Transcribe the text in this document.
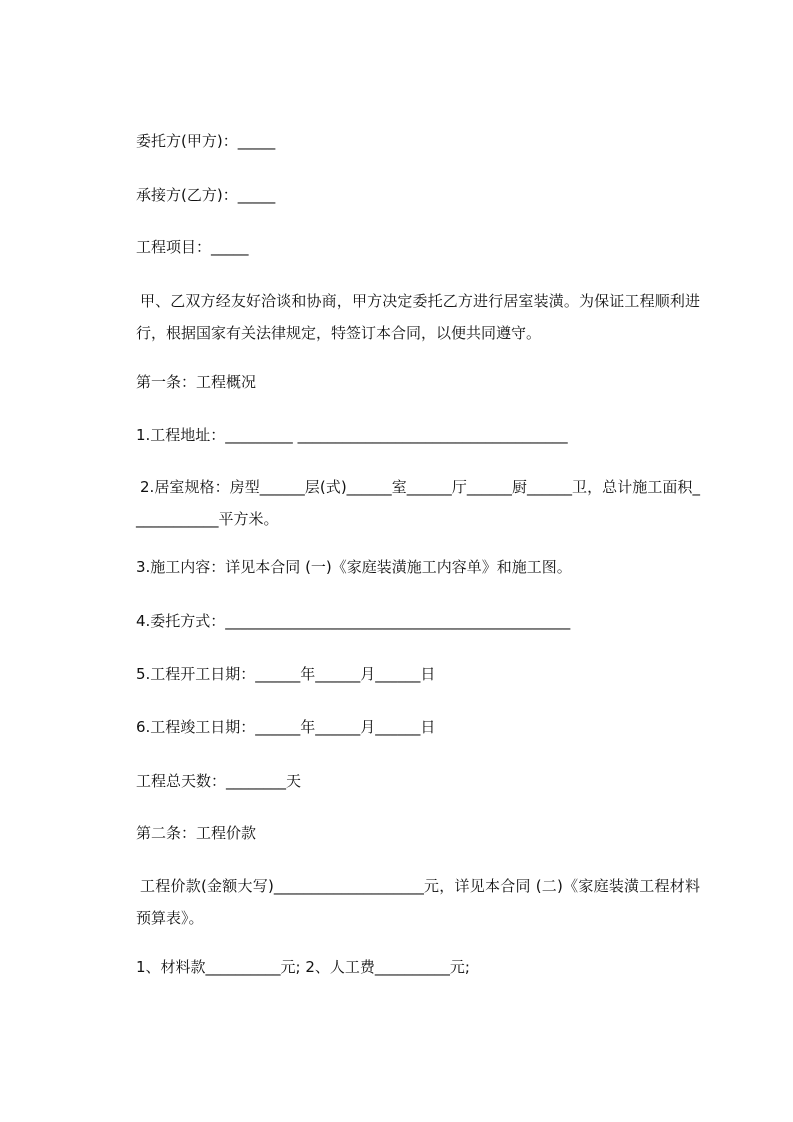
委托方(甲方)：_____

承接方(乙方)：_____

工程项目：_____

甲、乙双方经友好洽谈和协商，甲方决定委托乙方进行居室装潢。为保证工程顺利进行，根据国家有关法律规定，特签订本合同，以便共同遵守。

第一条：工程概况

1.工程地址：_________ ____________________________________

2.居室规格：房型______层(式)______室______厅______厨______卫，总计施工面积____________平方米。

3.施工内容：详见本合同 (一)《家庭装潢施工内容单》和施工图。

4.委托方式：______________________________________________

5.工程开工日期：______年______月______日

6.工程竣工日期：______年______月______日

工程总天数：________天

第二条：工程价款

工程价款(金额大写)____________________元，详见本合同 (二)《家庭装潢工程材料预算表》。

1、材料款__________元; 2、人工费__________元;
